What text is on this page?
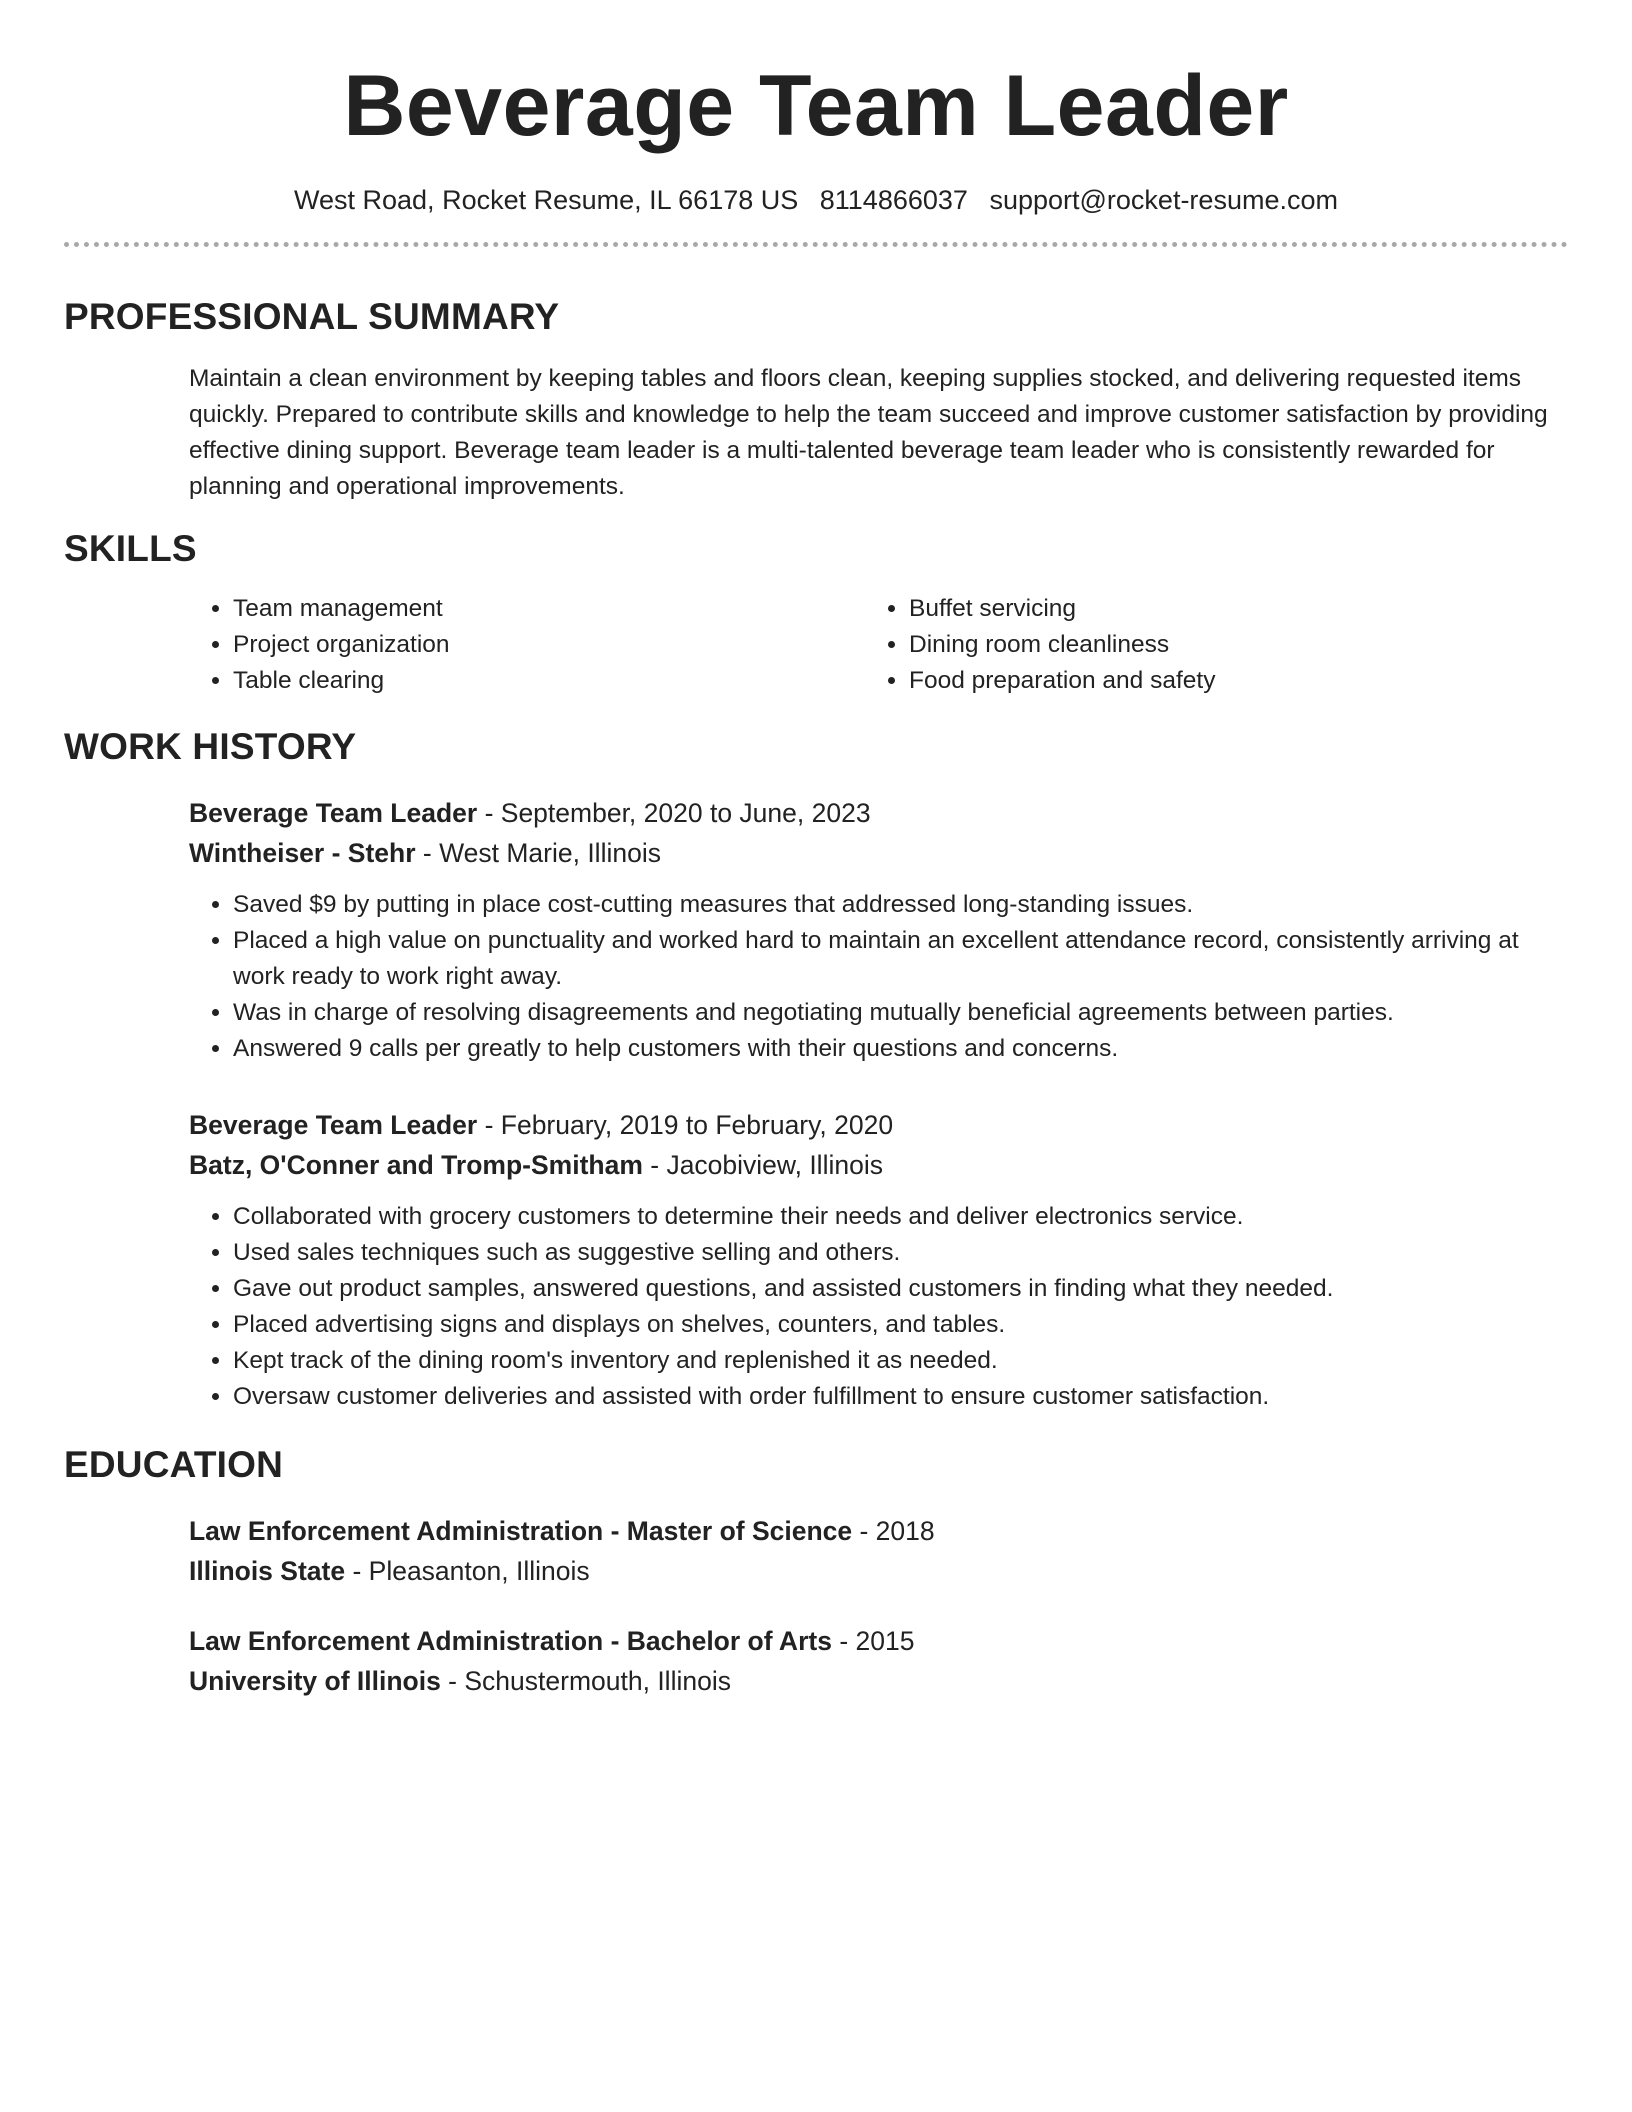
Beverage Team Leader
West Road, Rocket Resume, IL 66178 US 8114866037 support@rocket-resume.com
PROFESSIONAL SUMMARY
Maintain a clean environment by keeping tables and floors clean, keeping supplies stocked, and delivering requested items quickly. Prepared to contribute skills and knowledge to help the team succeed and improve customer satisfaction by providing effective dining support. Beverage team leader is a multi-talented beverage team leader who is consistently rewarded for planning and operational improvements.
SKILLS
• Team management
• Project organization
• Table clearing
• Buffet servicing
• Dining room cleanliness
• Food preparation and safety
WORK HISTORY
Beverage Team Leader - September, 2020 to June, 2023
Wintheiser - Stehr - West Marie, Illinois
• Saved $9 by putting in place cost-cutting measures that addressed long-standing issues.
• Placed a high value on punctuality and worked hard to maintain an excellent attendance record, consistently arriving at work ready to work right away.
• Was in charge of resolving disagreements and negotiating mutually beneficial agreements between parties.
• Answered 9 calls per greatly to help customers with their questions and concerns.
Beverage Team Leader - February, 2019 to February, 2020
Batz, O'Conner and Tromp-Smitham - Jacobiview, Illinois
• Collaborated with grocery customers to determine their needs and deliver electronics service.
• Used sales techniques such as suggestive selling and others.
• Gave out product samples, answered questions, and assisted customers in finding what they needed.
• Placed advertising signs and displays on shelves, counters, and tables.
• Kept track of the dining room's inventory and replenished it as needed.
• Oversaw customer deliveries and assisted with order fulfillment to ensure customer satisfaction.
EDUCATION
Law Enforcement Administration - Master of Science - 2018
Illinois State - Pleasanton, Illinois
Law Enforcement Administration - Bachelor of Arts - 2015
University of Illinois - Schustermouth, Illinois
